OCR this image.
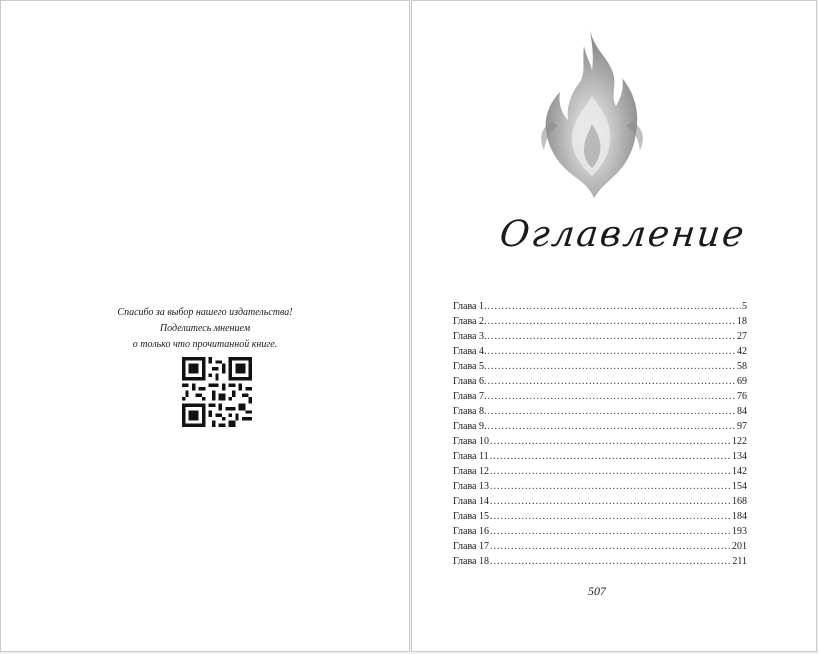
Спасибо за выбор нашего издательства!
Поделитесь мнением
о только что прочитанной книге.
Оглавление
Глава 1. .....	5
Глава 2. .....	18
Глава 3. .....	27
Глава 4. .....	42
Глава 5. .....	58
Глава 6. .....	69
Глава 7. .....	76
Глава 8. .....	84
Глава 9. .....	97
Глава 10 .....	122
Глава 11 .....	134
Глава 12 .....	142
Глава 13 .....	154
Глава 14 .....	168
Глава 15 .....	184
Глава 16 .....	193
Глава 17 .....	201
Глава 18 .....	211
507
